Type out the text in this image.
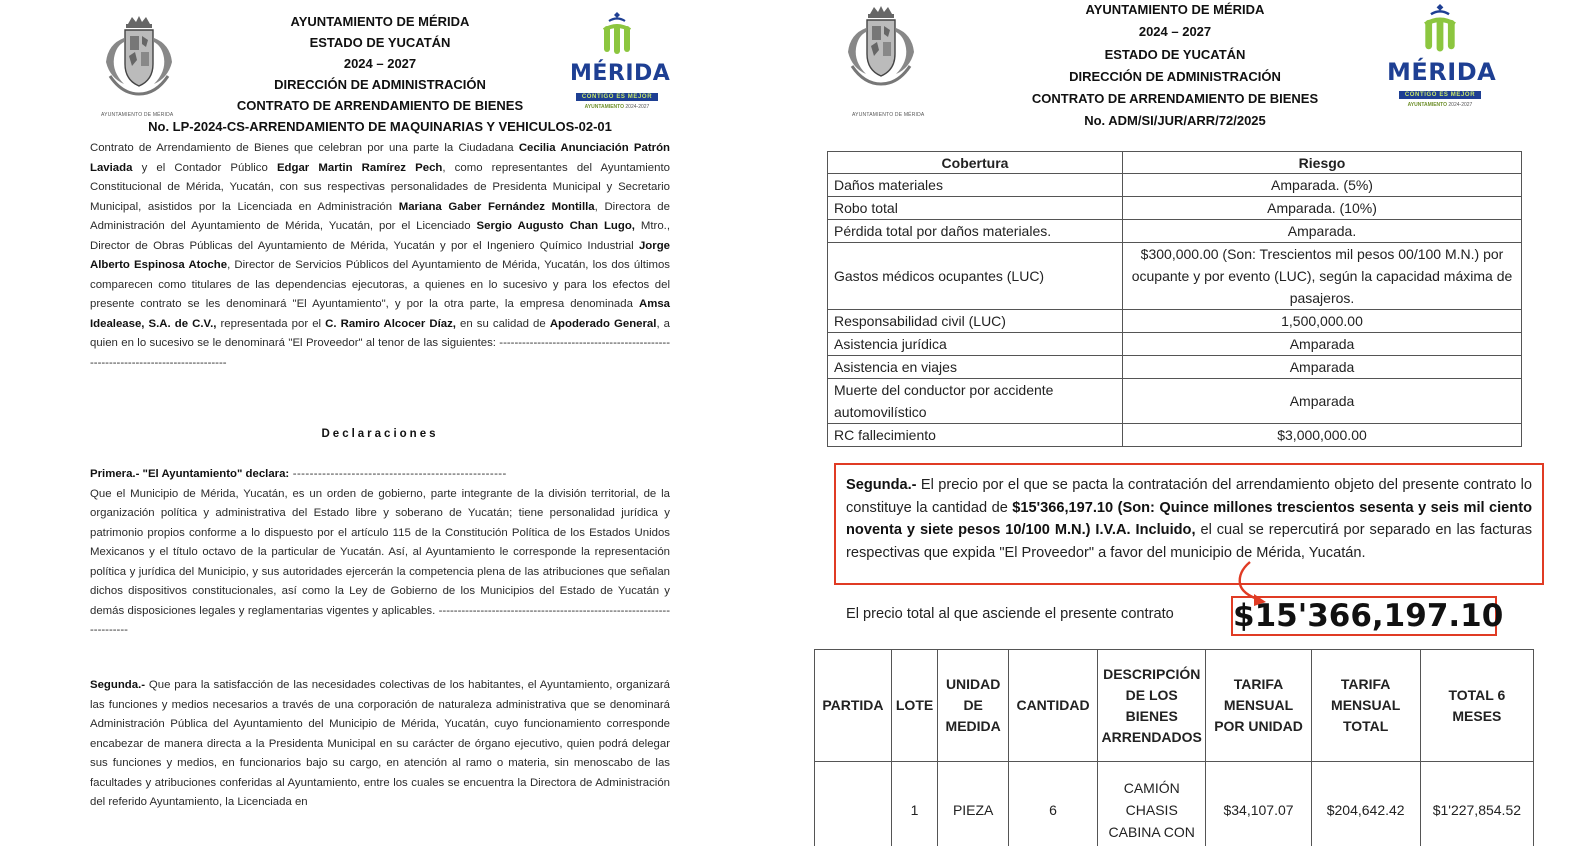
AYUNTAMIENTO DE MÉRIDA
AYUNTAMIENTO DE MÉRIDA
ESTADO DE YUCATÁN
2024 – 2027
DIRECCIÓN DE ADMINISTRACIÓN
CONTRATO DE ARRENDAMIENTO DE BIENES
MÉRIDA
CONTIGO ES MEJOR
AYUNTAMIENTO 2024-2027
No. LP-2024-CS-ARRENDAMIENTO DE MAQUINARIAS Y VEHICULOS-02-01
Contrato de Arrendamiento de Bienes que celebran por una parte la Ciudadana Cecilia Anunciación Patrón Laviada y el Contador Público Edgar Martin Ramírez Pech, como representantes del Ayuntamiento Constitucional de Mérida, Yucatán, con sus respectivas personalidades de Presidenta Municipal y Secretario Municipal, asistidos por la Licenciada en Administración Mariana Gaber Fernández Montilla, Directora de Administración del Ayuntamiento de Mérida, Yucatán, por el Licenciado Sergio Augusto Chan Lugo, Mtro., Director de Obras Públicas del Ayuntamiento de Mérida, Yucatán y por el Ingeniero Químico Industrial Jorge Alberto Espinosa Atoche, Director de Servicios Públicos del Ayuntamiento de Mérida, Yucatán, los dos últimos comparecen como titulares de las dependencias ejecutoras, a quienes en lo sucesivo y para los efectos del presente contrato se les denominará "El Ayuntamiento", y por la otra parte, la empresa denominada Amsa Idealease, S.A. de C.V., representada por el C. Ramiro Alcocer Díaz, en su calidad de Apoderado General, a quien en lo sucesivo se le denominará "El Proveedor" al tenor de las siguientes: ---------------------------------------------------------------------------------
Declaraciones
Primera.- "El Ayuntamiento" declara: ---------------------------------------------------
Que el Municipio de Mérida, Yucatán, es un orden de gobierno, parte integrante de la división territorial, de la organización política y administrativa del Estado libre y soberano de Yucatán; tiene personalidad jurídica y patrimonio propios conforme a lo dispuesto por el artículo 115 de la Constitución Política de los Estados Unidos Mexicanos y el título octavo de la particular de Yucatán. Así, al Ayuntamiento le corresponde la representación política y jurídica del Municipio, y sus autoridades ejercerán la competencia plena de las atribuciones que señalan dichos dispositivos constitucionales, así como la Ley de Gobierno de los Municipios del Estado de Yucatán y demás disposiciones legales y reglamentarias vigentes y aplicables. -----------------------------------------------------------------------
Segunda.- Que para la satisfacción de las necesidades colectivas de los habitantes, el Ayuntamiento, organizará las funciones y medios necesarios a través de una corporación de naturaleza administrativa que se denominará Administración Pública del Ayuntamiento del Municipio de Mérida, Yucatán, cuyo funcionamiento corresponde encabezar de manera directa a la Presidenta Municipal en su carácter de órgano ejecutivo, quien podrá delegar sus funciones y medios, en funcionarios bajo su cargo, en atención al ramo o materia, sin menoscabo de las facultades y atribuciones conferidas al Ayuntamiento, entre los cuales se encuentra la Directora de Administración del referido Ayuntamiento, la Licenciada en
AYUNTAMIENTO DE MÉRIDA
AYUNTAMIENTO DE MÉRIDA
2024 – 2027
ESTADO DE YUCATÁN
DIRECCIÓN DE ADMINISTRACIÓN
CONTRATO DE ARRENDAMIENTO DE BIENES
No. ADM/SI/JUR/ARR/72/2025
MÉRIDA
CONTIGO ES MEJOR
AYUNTAMIENTO 2024-2027
Cobertura	Riesgo
Daños materiales	Amparada. (5%)
Robo total	Amparada. (10%)
Pérdida total por daños materiales.	Amparada.
Gastos médicos ocupantes (LUC)	$300,000.00 (Son: Trescientos mil pesos 00/100 M.N.) por ocupante y por evento (LUC), según la capacidad máxima de pasajeros.
Responsabilidad civil (LUC)	1,500,000.00
Asistencia jurídica	Amparada
Asistencia en viajes	Amparada
Muerte del conductor por accidente automovilístico	Amparada
RC fallecimiento	$3,000,000.00
Segunda.- El precio por el que se pacta la contratación del arrendamiento objeto del presente contrato lo constituye la cantidad de $15'366,197.10 (Son: Quince millones trescientos sesenta y seis mil ciento noventa y siete pesos 10/100 M.N.) I.V.A. Incluido, el cual se repercutirá por separado en las facturas respectivas que expida "El Proveedor" a favor del municipio de Mérida, Yucatán.
El precio total al que asciende el presente contrato $15'366,197.10
PARTIDA	LOTE	UNIDAD DE MEDIDA	CANTIDAD	DESCRIPCIÓN DE LOS BIENES ARRENDADOS	TARIFA MENSUAL POR UNIDAD	TARIFA MENSUAL TOTAL	TOTAL 6 MESES
	1	PIEZA	6	CAMIÓN CHASIS CABINA CON	$34,107.07	$204,642.42	$1'227,854.52
